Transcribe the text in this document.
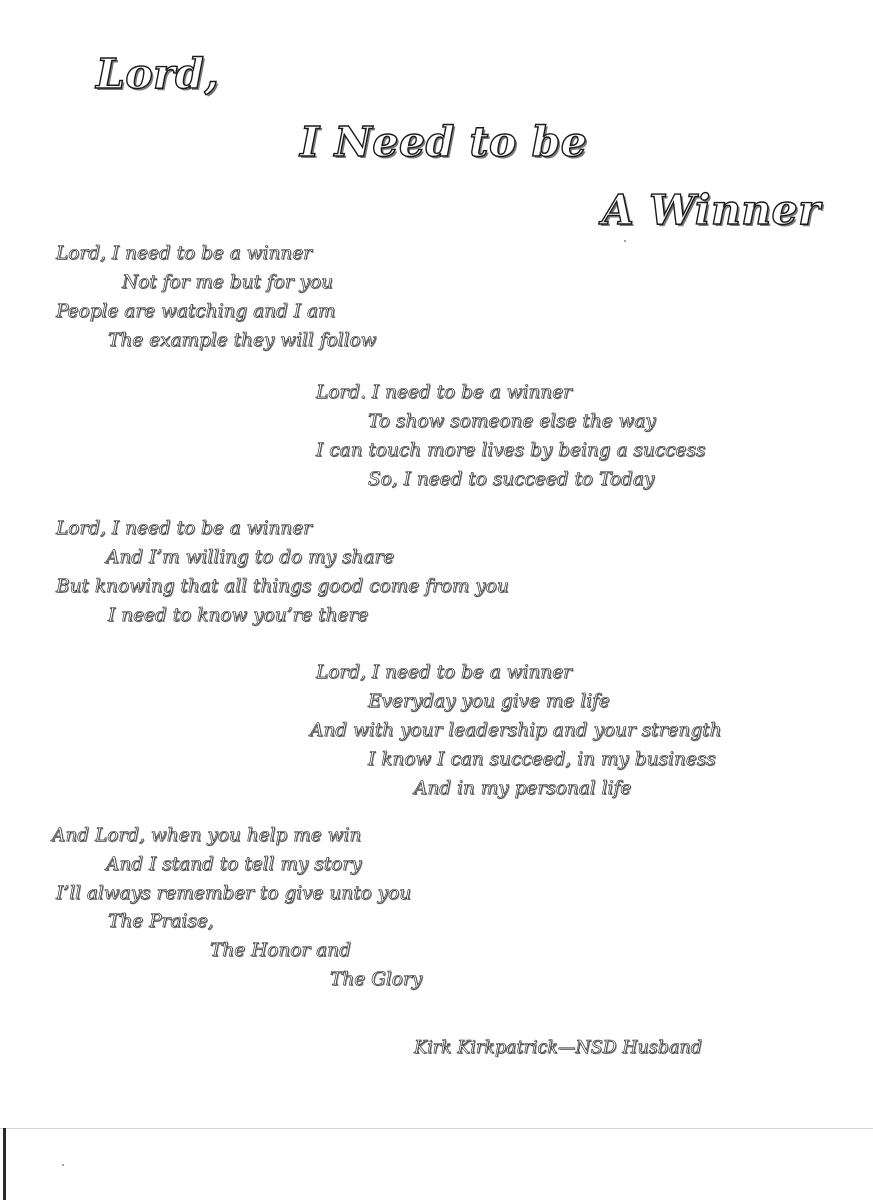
Lord,
I Need to be
A Winner
Lord, I need to be a winner
Not for me but for you
People are watching and I am
The example they will follow
Lord. I need to be a winner
To show someone else the way
I can touch more lives by being a success
So, I need to succeed to Today
Lord, I need to be a winner
And I’m willing to do my share
But knowing that all things good come from you
I need to know you’re there
Lord, I need to be a winner
Everyday you give me life
And with your leadership and your strength
I know I can succeed, in my business
And in my personal life
And Lord, when you help me win
And I stand to tell my story
I’ll always remember to give unto you
The Praise,
The Honor and
The Glory
Kirk Kirkpatrick—NSD Husband
